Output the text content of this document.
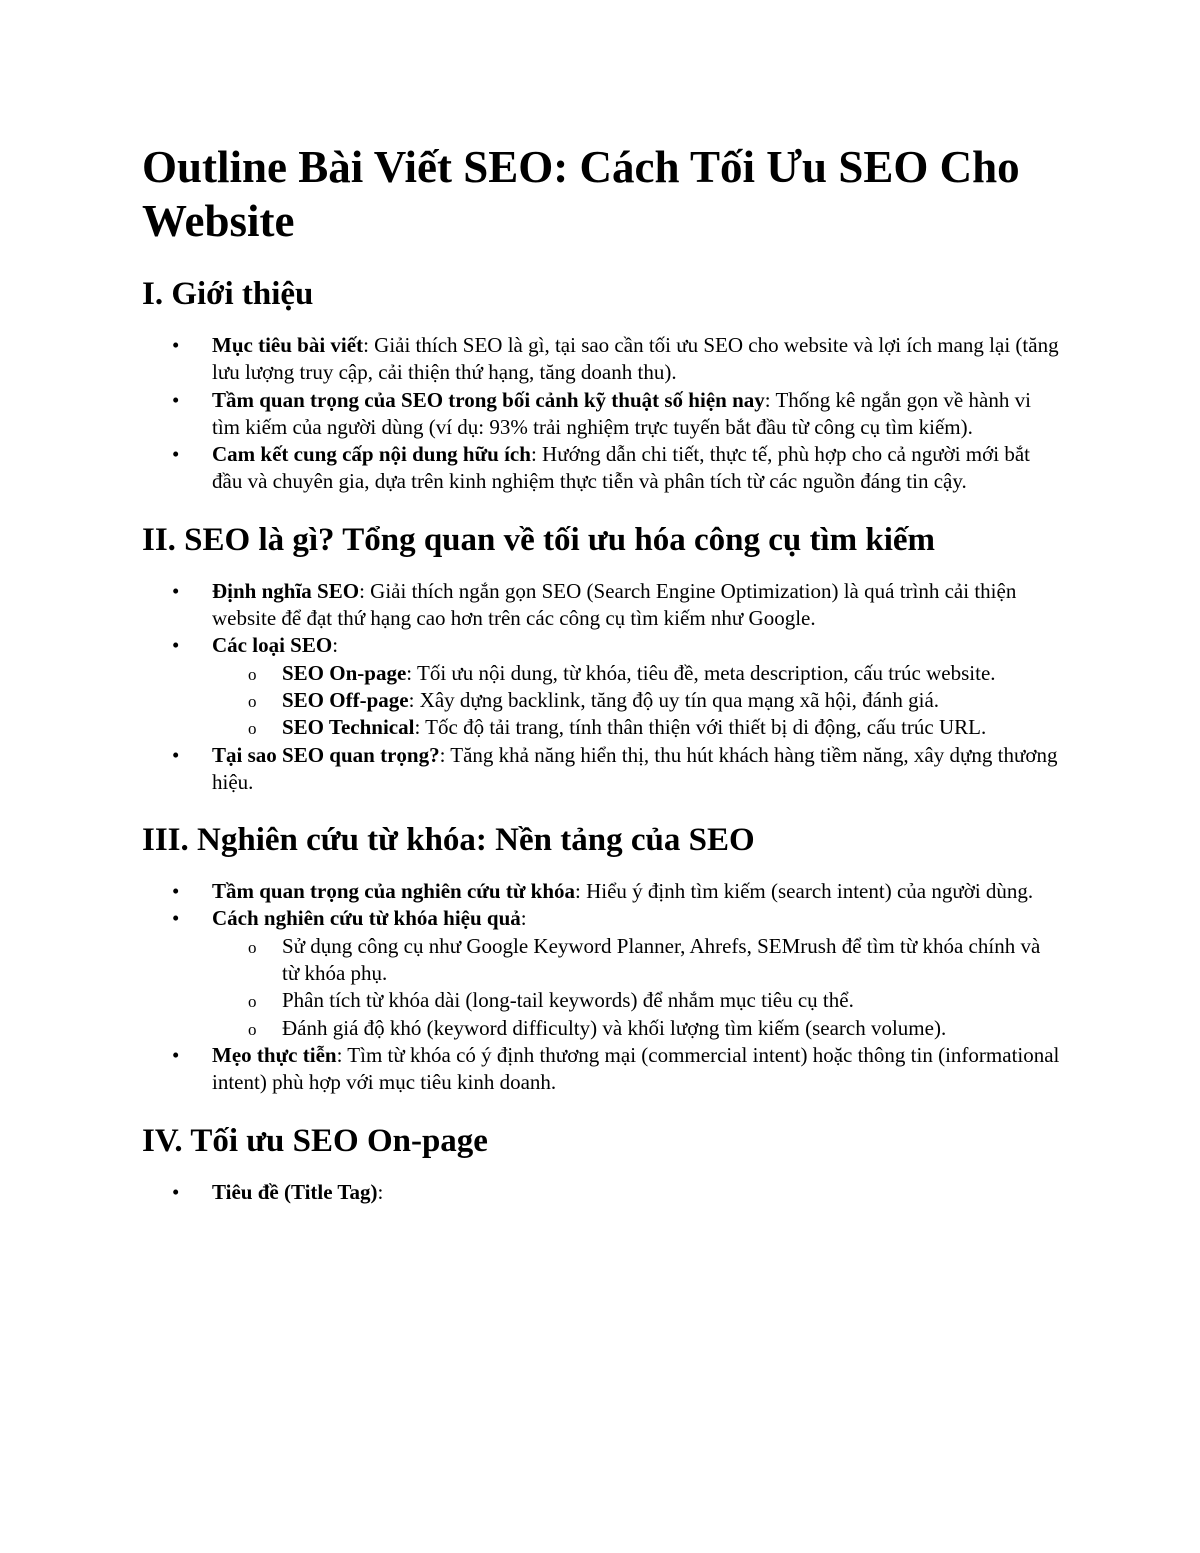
Outline Bài Viết SEO: Cách Tối Ưu SEO Cho Website
I. Giới thiệu
• Mục tiêu bài viết: Giải thích SEO là gì, tại sao cần tối ưu SEO cho website và lợi ích mang lại (tăng lưu lượng truy cập, cải thiện thứ hạng, tăng doanh thu).
• Tầm quan trọng của SEO trong bối cảnh kỹ thuật số hiện nay: Thống kê ngắn gọn về hành vi tìm kiếm của người dùng (ví dụ: 93% trải nghiệm trực tuyến bắt đầu từ công cụ tìm kiếm).
• Cam kết cung cấp nội dung hữu ích: Hướng dẫn chi tiết, thực tế, phù hợp cho cả người mới bắt đầu và chuyên gia, dựa trên kinh nghiệm thực tiễn và phân tích từ các nguồn đáng tin cậy.
II. SEO là gì? Tổng quan về tối ưu hóa công cụ tìm kiếm
• Định nghĩa SEO: Giải thích ngắn gọn SEO (Search Engine Optimization) là quá trình cải thiện website để đạt thứ hạng cao hơn trên các công cụ tìm kiếm như Google.
• Các loại SEO:
o SEO On-page: Tối ưu nội dung, từ khóa, tiêu đề, meta description, cấu trúc website.
o SEO Off-page: Xây dựng backlink, tăng độ uy tín qua mạng xã hội, đánh giá.
o SEO Technical: Tốc độ tải trang, tính thân thiện với thiết bị di động, cấu trúc URL.
• Tại sao SEO quan trọng?: Tăng khả năng hiển thị, thu hút khách hàng tiềm năng, xây dựng thương hiệu.
III. Nghiên cứu từ khóa: Nền tảng của SEO
• Tầm quan trọng của nghiên cứu từ khóa: Hiểu ý định tìm kiếm (search intent) của người dùng.
• Cách nghiên cứu từ khóa hiệu quả:
o Sử dụng công cụ như Google Keyword Planner, Ahrefs, SEMrush để tìm từ khóa chính và từ khóa phụ.
o Phân tích từ khóa dài (long-tail keywords) để nhắm mục tiêu cụ thể.
o Đánh giá độ khó (keyword difficulty) và khối lượng tìm kiếm (search volume).
• Mẹo thực tiễn: Tìm từ khóa có ý định thương mại (commercial intent) hoặc thông tin (informational intent) phù hợp với mục tiêu kinh doanh.
IV. Tối ưu SEO On-page
• Tiêu đề (Title Tag):
